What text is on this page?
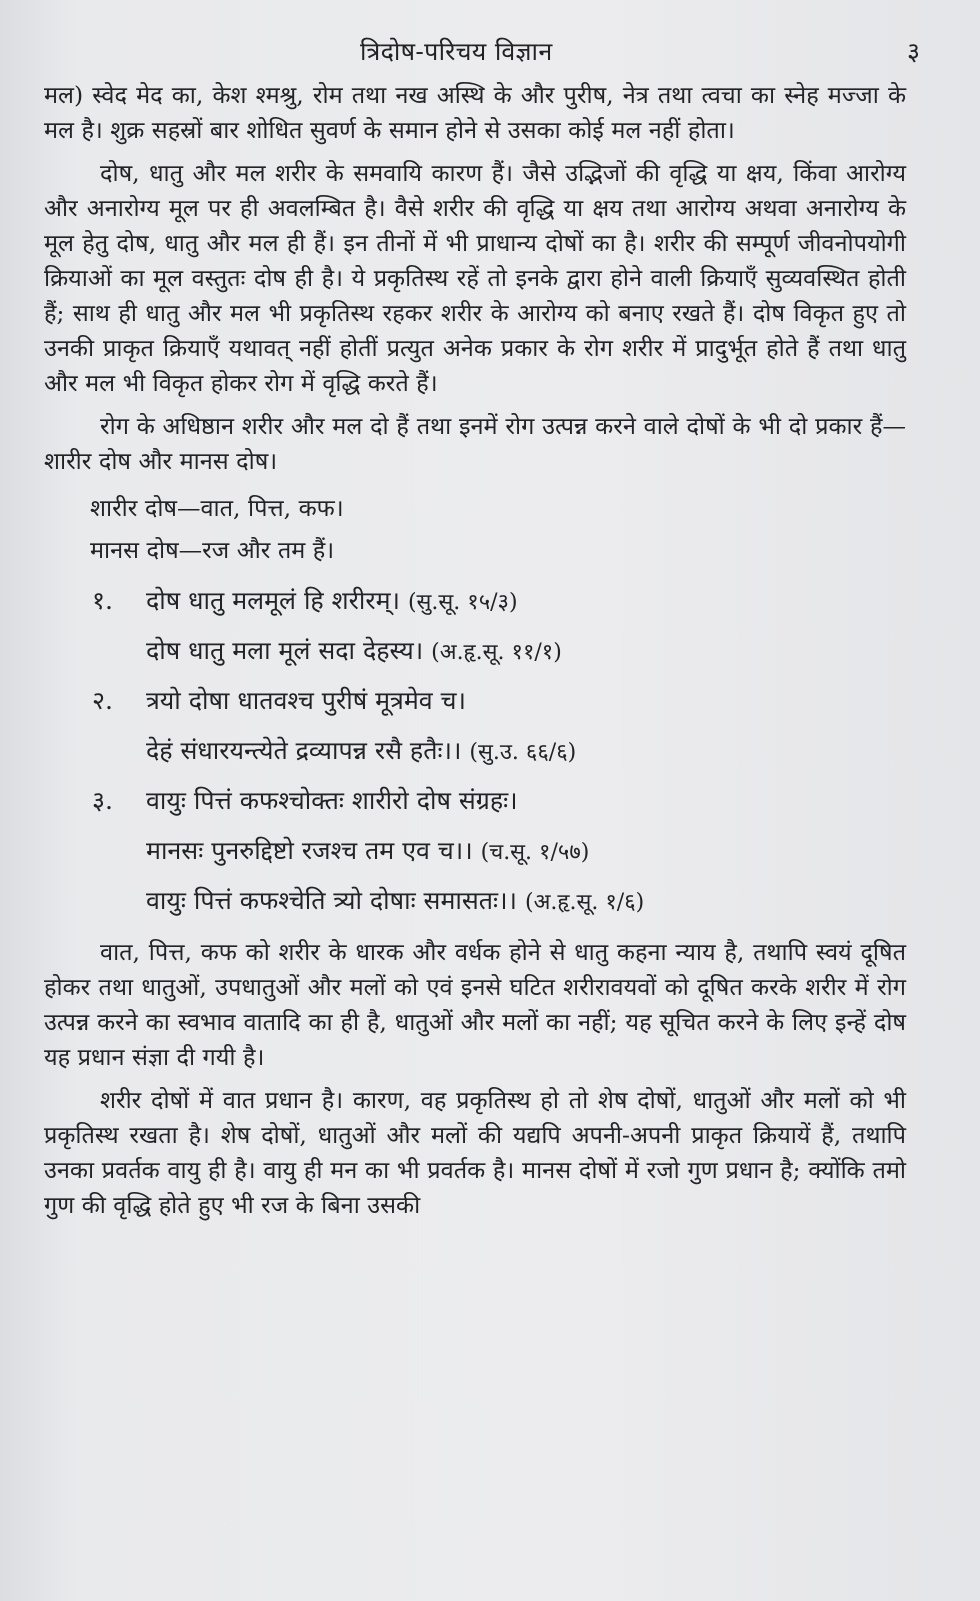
त्रिदोष-परिचय विज्ञान	३

मल) स्वेद मेद का, केश श्मश्रु, रोम तथा नख अस्थि के और पुरीष, नेत्र तथा त्वचा का स्नेह मज्जा के मल है। शुक्र सहस्रों बार शोधित सुवर्ण के समान होने से उसका कोई मल नहीं होता।

दोष, धातु और मल शरीर के समवायि कारण हैं। जैसे उद्भिजों की वृद्धि या क्षय, किंवा आरोग्य और अनारोग्य मूल पर ही अवलम्बित है। वैसे शरीर की वृद्धि या क्षय तथा आरोग्य अथवा अनारोग्य के मूल हेतु दोष, धातु और मल ही हैं। इन तीनों में भी प्राधान्य दोषों का है। शरीर की सम्पूर्ण जीवनोपयोगी क्रियाओं का मूल वस्तुतः दोष ही है। ये प्रकृतिस्थ रहें तो इनके द्वारा होने वाली क्रियाएँ सुव्यवस्थित होती हैं; साथ ही धातु और मल भी प्रकृतिस्थ रहकर शरीर के आरोग्य को बनाए रखते हैं। दोष विकृत हुए तो उनकी प्राकृत क्रियाएँ यथावत् नहीं होतीं प्रत्युत अनेक प्रकार के रोग शरीर में प्रादुर्भूत होते हैं तथा धातु और मल भी विकृत होकर रोग में वृद्धि करते हैं।

रोग के अधिष्ठान शरीर और मल दो हैं तथा इनमें रोग उत्पन्न करने वाले दोषों के भी दो प्रकार हैं—शारीर दोष और मानस दोष।

शारीर दोष—वात, पित्त, कफ।

मानस दोष—रज और तम हैं।

१.	दोष धातु मलमूलं हि शरीरम्। (सु.सू. १५/३)
दोष धातु मला मूलं सदा देहस्य। (अ.हृ.सू. ११/१)
२.	त्रयो दोषा धातवश्च पुरीषं मूत्रमेव च।
देहं संधारयन्त्येते द्रव्यापन्न रसै हतैः।। (सु.उ. ६६/६)
३.	वायुः पित्तं कफश्चोक्तः शारीरो दोष संग्रहः।
मानसः पुनरुद्दिष्टो रजश्च तम एव च।। (च.सू. १/५७)
वायुः पित्तं कफश्चेति त्र्यो दोषाः समासतः।। (अ.हृ.सू. १/६)

वात, पित्त, कफ को शरीर के धारक और वर्धक होने से धातु कहना न्याय है, तथापि स्वयं दूषित होकर तथा धातुओं, उपधातुओं और मलों को एवं इनसे घटित शरीरावयवों को दूषित करके शरीर में रोग उत्पन्न करने का स्वभाव वातादि का ही है, धातुओं और मलों का नहीं; यह सूचित करने के लिए इन्हें दोष यह प्रधान संज्ञा दी गयी है।

शरीर दोषों में वात प्रधान है। कारण, वह प्रकृतिस्थ हो तो शेष दोषों, धातुओं और मलों को भी प्रकृतिस्थ रखता है। शेष दोषों, धातुओं और मलों की यद्यपि अपनी-अपनी प्राकृत क्रियायें हैं, तथापि उनका प्रवर्तक वायु ही है। वायु ही मन का भी प्रवर्तक है। मानस दोषों में रजो गुण प्रधान है; क्योंकि तमो गुण की वृद्धि होते हुए भी रज के बिना उसकी
